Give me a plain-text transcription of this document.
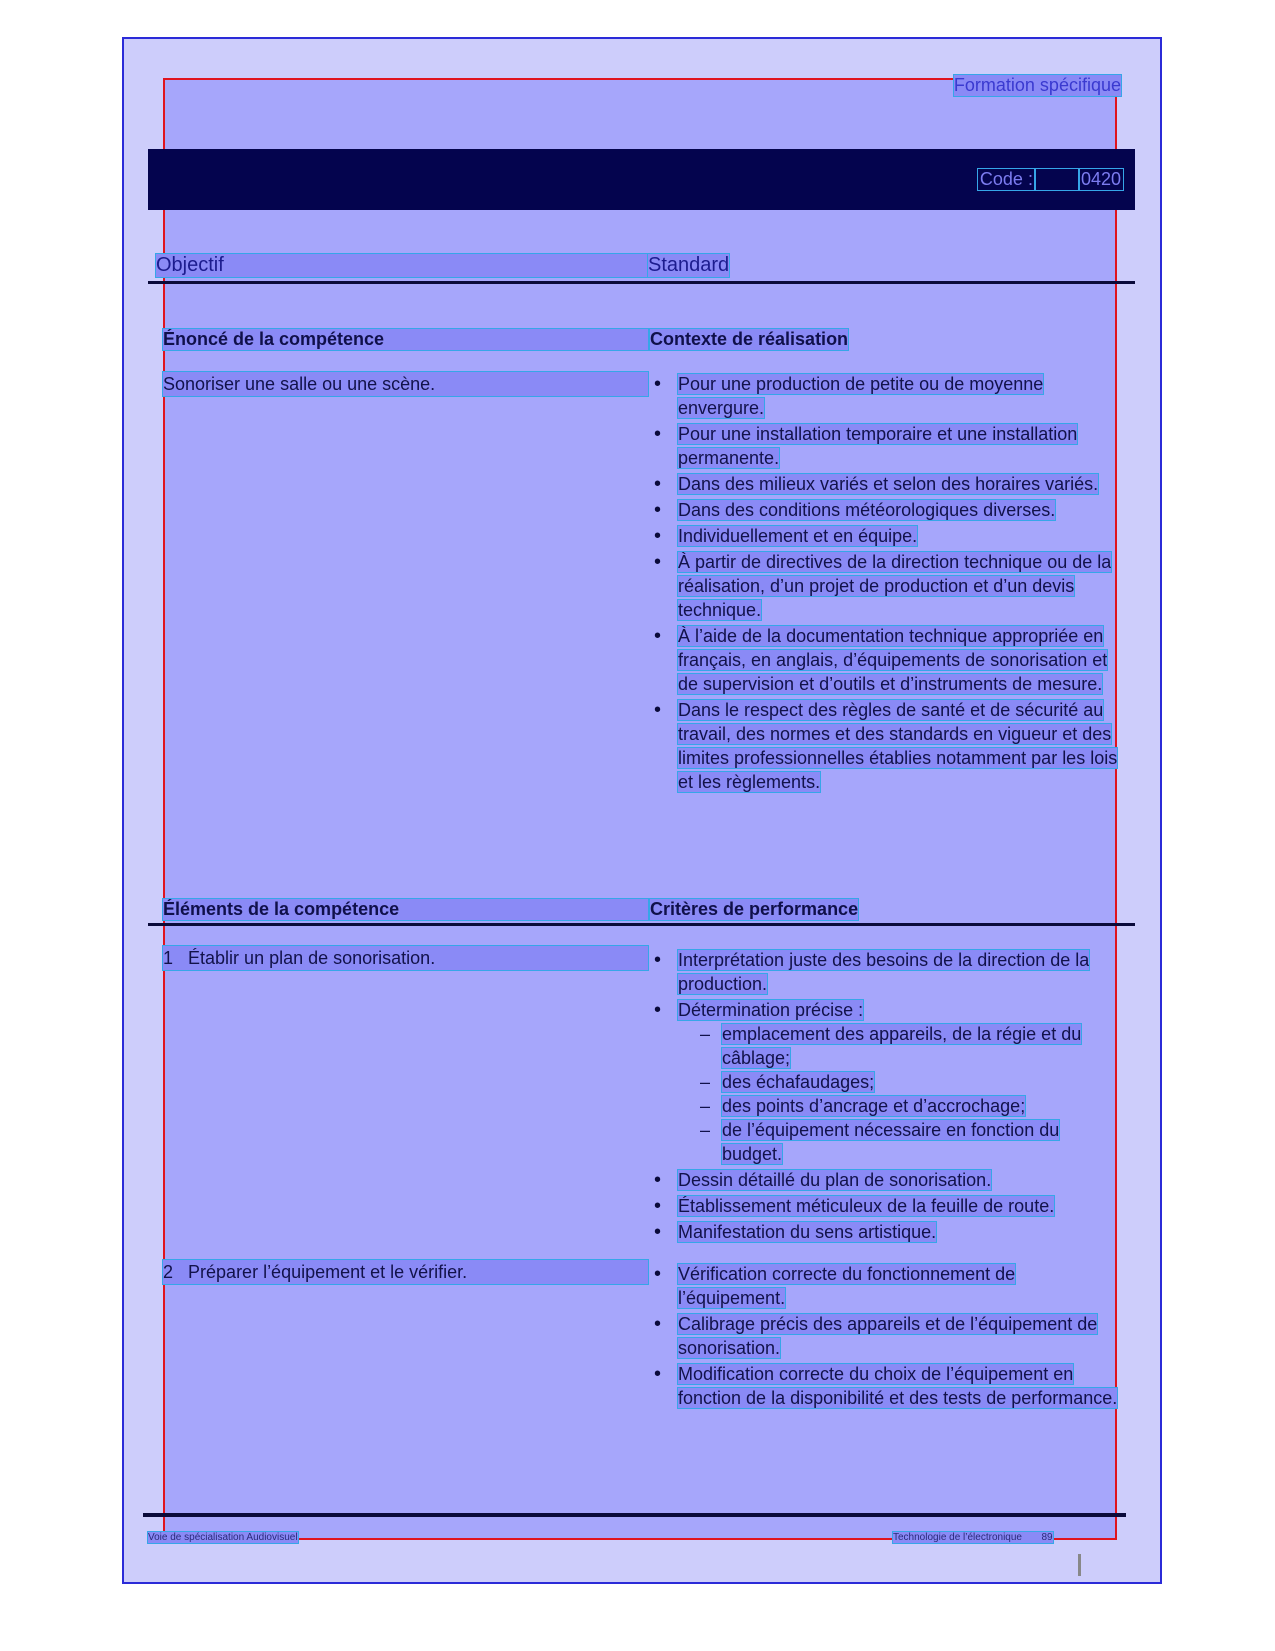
Formation spécifique
Code :	0420
Objectif	Standard
Énoncé de la compétence	Contexte de réalisation
Sonoriser une salle ou une scène.	• Pour une production de petite ou de moyenne envergure.
• Pour une installation temporaire et une installation permanente.
• Dans des milieux variés et selon des horaires variés.
• Dans des conditions météorologiques diverses.
• Individuellement et en équipe.
• À partir de directives de la direction technique ou de la réalisation, d’un projet de production et d’un devis technique.
• À l’aide de la documentation technique appropriée en français, en anglais, d’équipements de sonorisation et de supervision et d’outils et d’instruments de mesure.
• Dans le respect des règles de santé et de sécurité au travail, des normes et des standards en vigueur et des limites professionnelles établies notamment par les lois et les règlements.
Éléments de la compétence	Critères de performance
1 Établir un plan de sonorisation.	• Interprétation juste des besoins de la direction de la production.
• Détermination précise :
– emplacement des appareils, de la régie et du câblage;
– des échafaudages;
– des points d’ancrage et d’accrochage;
– de l’équipement nécessaire en fonction du budget.
• Dessin détaillé du plan de sonorisation.
• Établissement méticuleux de la feuille de route.
• Manifestation du sens artistique.
2 Préparer l’équipement et le vérifier.	• Vérification correcte du fonctionnement de l’équipement.
• Calibrage précis des appareils et de l’équipement de sonorisation.
• Modification correcte du choix de l’équipement en fonction de la disponibilité et des tests de performance.
Voie de spécialisation Audiovisuel	Technologie de l’électronique 89
